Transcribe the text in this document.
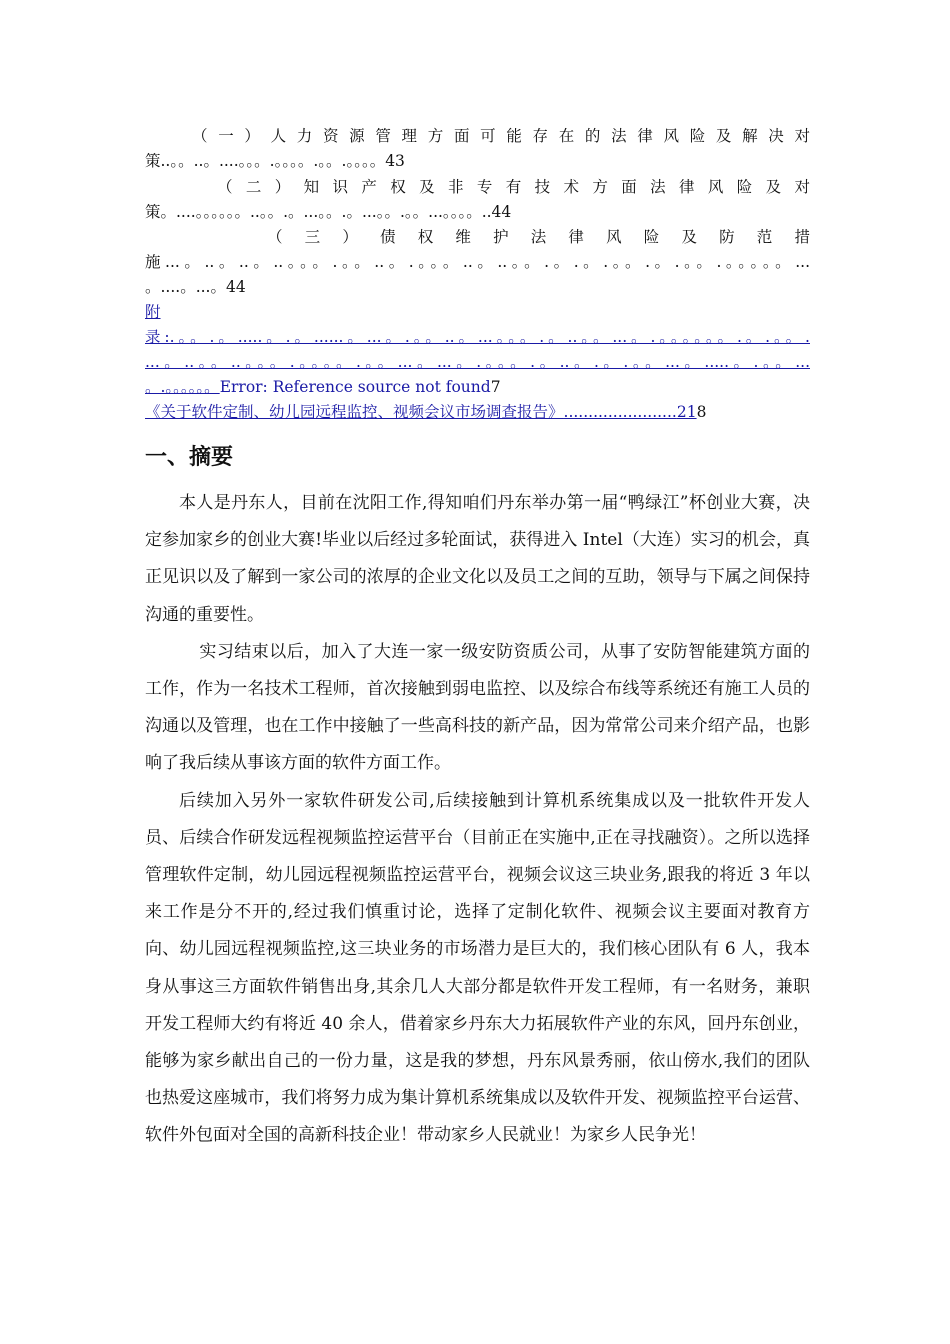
（一）人力资源管理方面可能存在的法律风险及解决对
策..。。..。....。。。.。。。。.。。.。。。。43
（二）知识产权及非专有技术方面法律风险及对
策。....。。。。。。..。。.。...。。.。...。。.。。...。。。。..44
（三）债权维护法律风险及防范措
施...。..。..。..。。。.。。..。.。。。..。..。。.。.。.。。.。.。。.。。。。。...
。....。...。44
附
录:.。。.。.....。.。......。...。.。。..。...。。。.。..。。...。.。。。。。。.。.。。.
...。..。。..。。。.。。。。.。。...。...。.。。。.。..。.。.。。...。.....。.。。...
。.。。。。。。Error: Reference source not found7
《关于软件定制、幼儿园远程监控、视频会议市场调查报告》.......................218
一、摘要

本人是丹东人，目前在沈阳工作,得知咱们丹东举办第一届“鸭绿江”杯创业大赛，决定参加家乡的创业大赛!毕业以后经过多轮面试，获得进入 Intel（大连）实习的机会，真正见识以及了解到一家公司的浓厚的企业文化以及员工之间的互助，领导与下属之间保持沟通的重要性。

实习结束以后，加入了大连一家一级安防资质公司，从事了安防智能建筑方面的工作，作为一名技术工程师，首次接触到弱电监控、以及综合布线等系统还有施工人员的沟通以及管理，也在工作中接触了一些高科技的新产品，因为常常公司来介绍产品，也影响了我后续从事该方面的软件方面工作。

后续加入另外一家软件研发公司,后续接触到计算机系统集成以及一批软件开发人员、后续合作研发远程视频监控运营平台（目前正在实施中,正在寻找融资）。之所以选择管理软件定制，幼儿园远程视频监控运营平台，视频会议这三块业务,跟我的将近 3 年以来工作是分不开的,经过我们慎重讨论，选择了定制化软件、视频会议主要面对教育方向、幼儿园远程视频监控,这三块业务的市场潜力是巨大的，我们核心团队有 6 人，我本身从事这三方面软件销售出身,其余几人大部分都是软件开发工程师，有一名财务，兼职开发工程师大约有将近 40 余人，借着家乡丹东大力拓展软件产业的东风，回丹东创业，能够为家乡献出自己的一份力量，这是我的梦想，丹东风景秀丽，依山傍水,我们的团队也热爱这座城市，我们将努力成为集计算机系统集成以及软件开发、视频监控平台运营、软件外包面对全国的高新科技企业！带动家乡人民就业！为家乡人民争光！
